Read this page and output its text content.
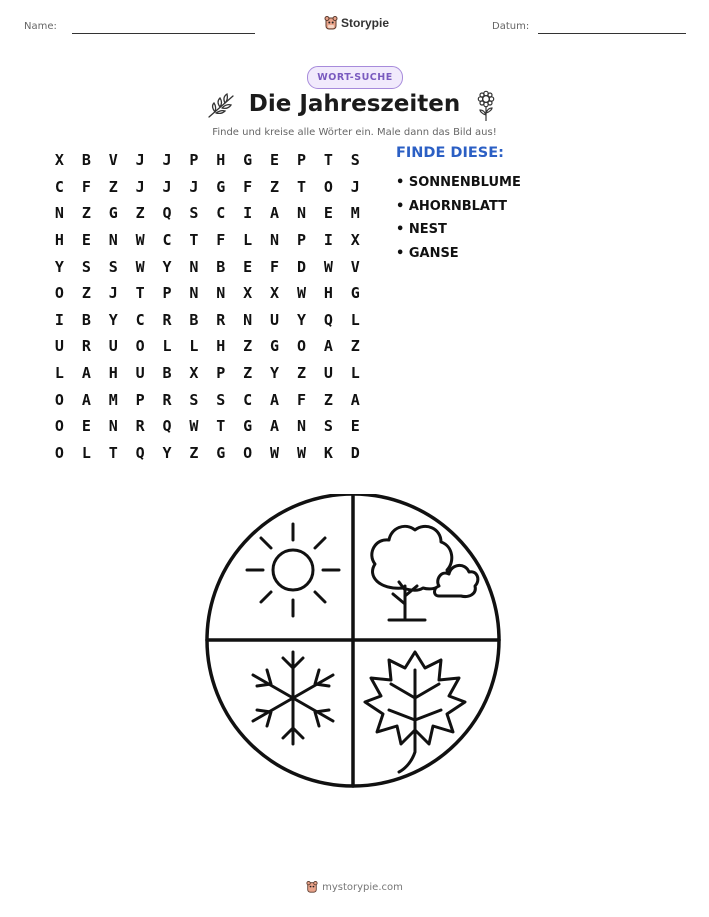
Name:	Storypie	Datum:
WORT-SUCHE
Die Jahreszeiten
Finde und kreise alle Wörter ein. Male dann das Bild aus!
X	B	V	J	J	P	H	G	E	P	T	S
C	F	Z	J	J	J	G	F	Z	T	O	J
N	Z	G	Z	Q	S	C	I	A	N	E	M
H	E	N	W	C	T	F	L	N	P	I	X
Y	S	S	W	Y	N	B	E	F	D	W	V
O	Z	J	T	P	N	N	X	X	W	H	G
I	B	Y	C	R	B	R	N	U	Y	Q	L
U	R	U	O	L	L	H	Z	G	O	A	Z
L	A	H	U	B	X	P	Z	Y	Z	U	L
O	A	M	P	R	S	S	C	A	F	Z	A
O	E	N	R	Q	W	T	G	A	N	S	E
O	L	T	Q	Y	Z	G	O	W	W	K	D
FINDE DIESE:
• SONNENBLUME
• AHORNBLATT
• NEST
• GANSE
mystorypie.com
